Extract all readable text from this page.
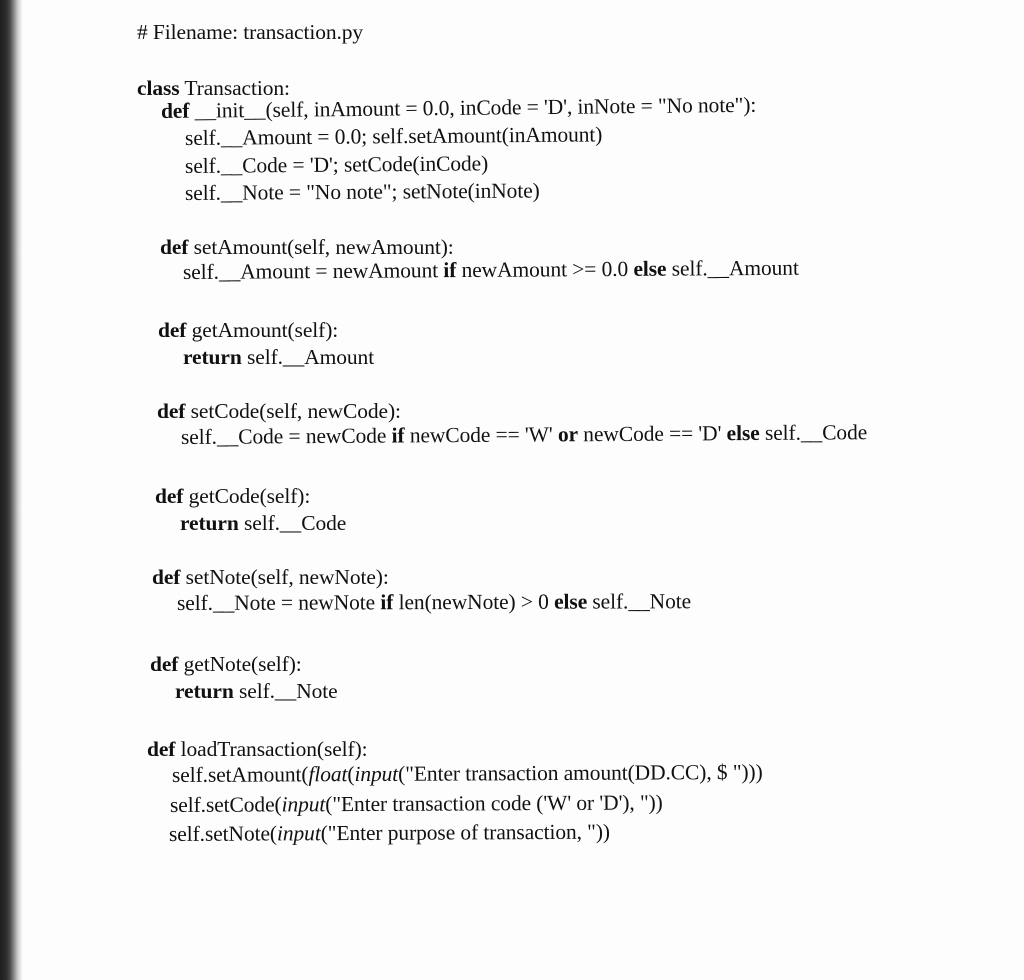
# Filename: transaction.py
class Transaction:
def __init__(self, inAmount = 0.0, inCode = 'D', inNote = "No note"):
self.__Amount = 0.0; self.setAmount(inAmount)
self.__Code = 'D'; setCode(inCode)
self.__Note = "No note"; setNote(inNote)
def setAmount(self, newAmount):
self.__Amount = newAmount if newAmount >= 0.0 else self.__Amount
def getAmount(self):
return self.__Amount
def setCode(self, newCode):
self.__Code = newCode if newCode == 'W' or newCode == 'D' else self.__Code
def getCode(self):
return self.__Code
def setNote(self, newNote):
self.__Note = newNote if len(newNote) > 0 else self.__Note
def getNote(self):
return self.__Note
def loadTransaction(self):
self.setAmount(float(input("Enter transaction amount(DD.CC), $ ")))
self.setCode(input("Enter transaction code ('W' or 'D'), "))
self.setNote(input("Enter purpose of transaction, "))
